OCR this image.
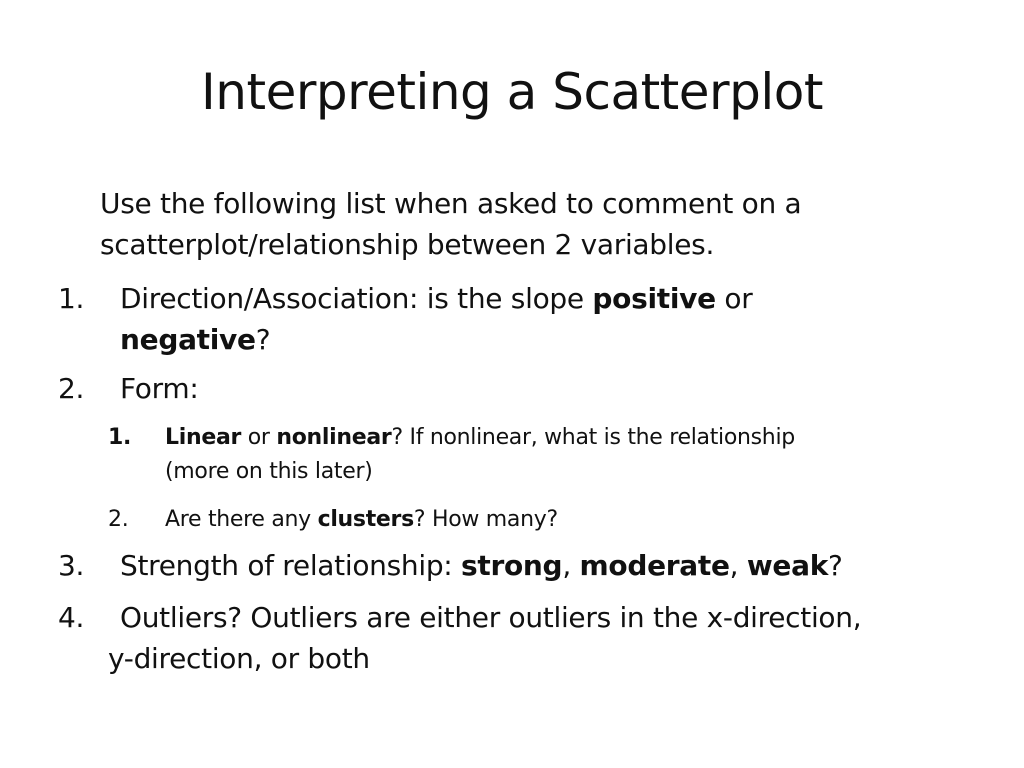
Interpreting a Scatterplot
Use the following list when asked to comment on a
scatterplot/relationship between 2 variables.
1. Direction/Association: is the slope positive or
negative?
2. Form:
1. Linear or nonlinear? If nonlinear, what is the relationship
(more on this later)
2. Are there any clusters? How many?
3. Strength of relationship: strong, moderate, weak?
4. Outliers? Outliers are either outliers in the x-direction,
y-direction, or both
